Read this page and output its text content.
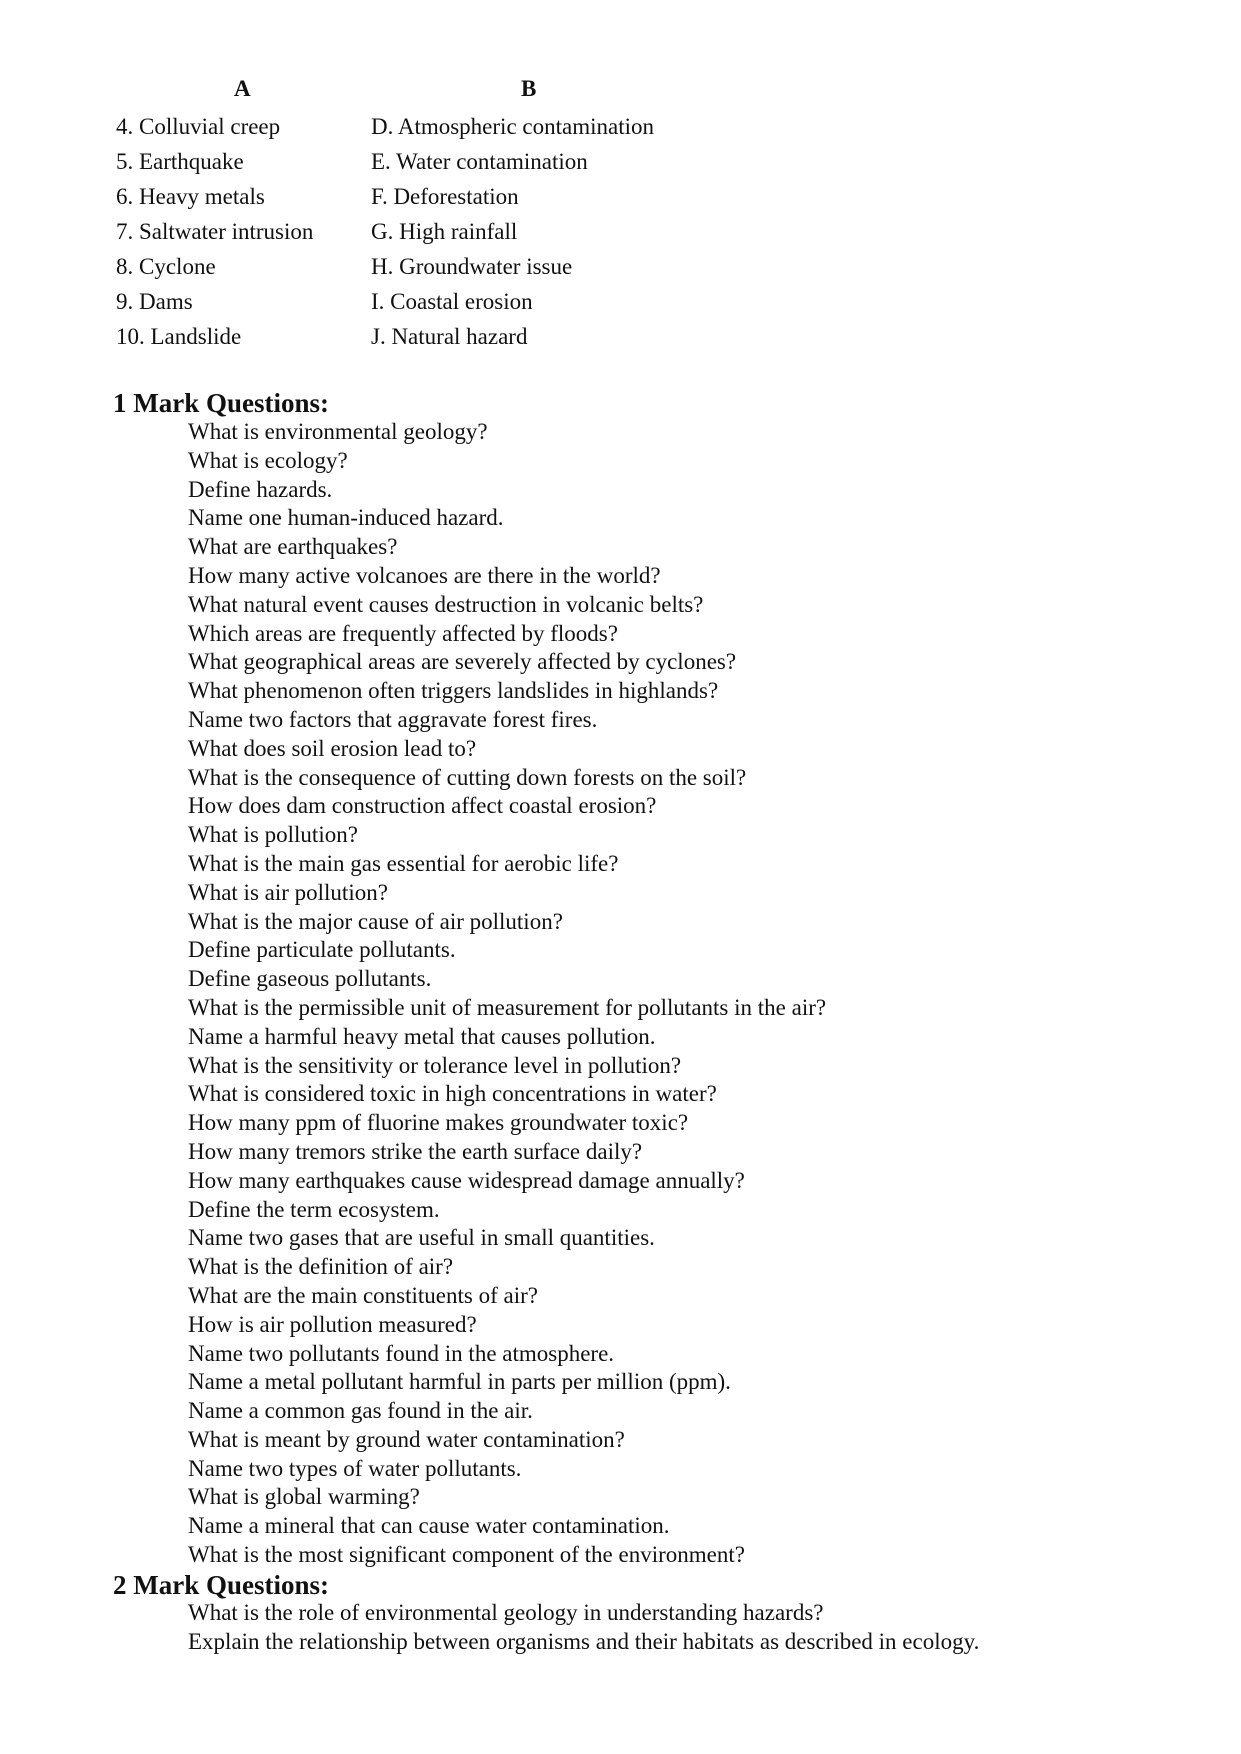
A	B
4. Colluvial creep	D. Atmospheric contamination
5. Earthquake	E. Water contamination
6. Heavy metals	F. Deforestation
7. Saltwater intrusion	G. High rainfall
8. Cyclone	H. Groundwater issue
9. Dams	I. Coastal erosion
10. Landslide	J. Natural hazard
1 Mark Questions:
What is environmental geology?
What is ecology?
Define hazards.
Name one human-induced hazard.
What are earthquakes?
How many active volcanoes are there in the world?
What natural event causes destruction in volcanic belts?
Which areas are frequently affected by floods?
What geographical areas are severely affected by cyclones?
What phenomenon often triggers landslides in highlands?
Name two factors that aggravate forest fires.
What does soil erosion lead to?
What is the consequence of cutting down forests on the soil?
How does dam construction affect coastal erosion?
What is pollution?
What is the main gas essential for aerobic life?
What is air pollution?
What is the major cause of air pollution?
Define particulate pollutants.
Define gaseous pollutants.
What is the permissible unit of measurement for pollutants in the air?
Name a harmful heavy metal that causes pollution.
What is the sensitivity or tolerance level in pollution?
What is considered toxic in high concentrations in water?
How many ppm of fluorine makes groundwater toxic?
How many tremors strike the earth surface daily?
How many earthquakes cause widespread damage annually?
Define the term ecosystem.
Name two gases that are useful in small quantities.
What is the definition of air?
What are the main constituents of air?
How is air pollution measured?
Name two pollutants found in the atmosphere.
Name a metal pollutant harmful in parts per million (ppm).
Name a common gas found in the air.
What is meant by ground water contamination?
Name two types of water pollutants.
What is global warming?
Name a mineral that can cause water contamination.
What is the most significant component of the environment?
2 Mark Questions:
What is the role of environmental geology in understanding hazards?
Explain the relationship between organisms and their habitats as described in ecology.
